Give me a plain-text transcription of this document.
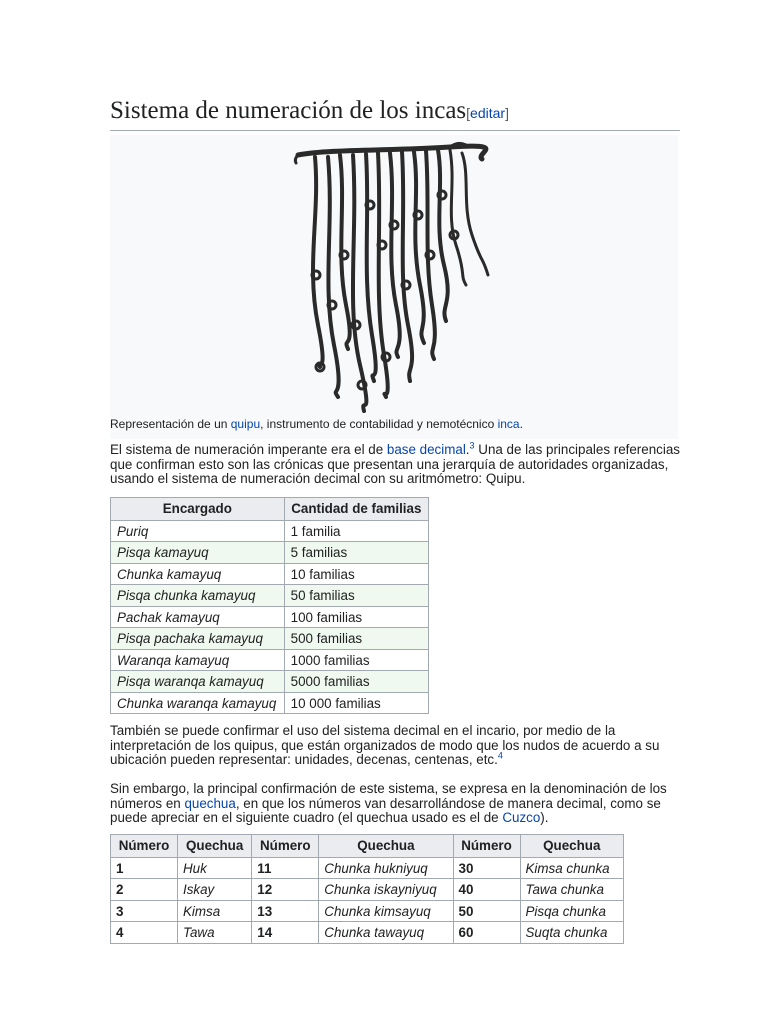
Sistema de numeración de los incas[editar]
Representación de un quipu, instrumento de contabilidad y nemotécnico inca.

El sistema de numeración imperante era el de base decimal.$^3$ Una de las principales referencias que confirman esto son las crónicas que presentan una jerarquía de autoridades organizadas, usando el sistema de numeración decimal con su aritmómetro: Quipu.

Encargado	Cantidad de familias
Puriq	1 familia
Pisqa kamayuq	5 familias
Chunka kamayuq	10 familias
Pisqa chunka kamayuq	50 familias
Pachak kamayuq	100 familias
Pisqa pachaka kamayuq	500 familias
Waranqa kamayuq	1000 familias
Pisqa waranqa kamayuq	5000 familias
Chunka waranqa kamayuq	10 000 familias

También se puede confirmar el uso del sistema decimal en el incario, por medio de la interpretación de los quipus, que están organizados de modo que los nudos de acuerdo a su ubicación pueden representar: unidades, decenas, centenas, etc.$^4$

Sin embargo, la principal confirmación de este sistema, se expresa en la denominación de los números en quechua, en que los números van desarrollándose de manera decimal, como se puede apreciar en el siguiente cuadro (el quechua usado es el de Cuzco).

Número	Quechua	Número	Quechua	Número	Quechua
1	Huk	11	Chunka hukniyuq	30	Kimsa chunka
2	Iskay	12	Chunka iskayniyuq	40	Tawa chunka
3	Kimsa	13	Chunka kimsayuq	50	Pisqa chunka
4	Tawa	14	Chunka tawayuq	60	Suqta chunka
